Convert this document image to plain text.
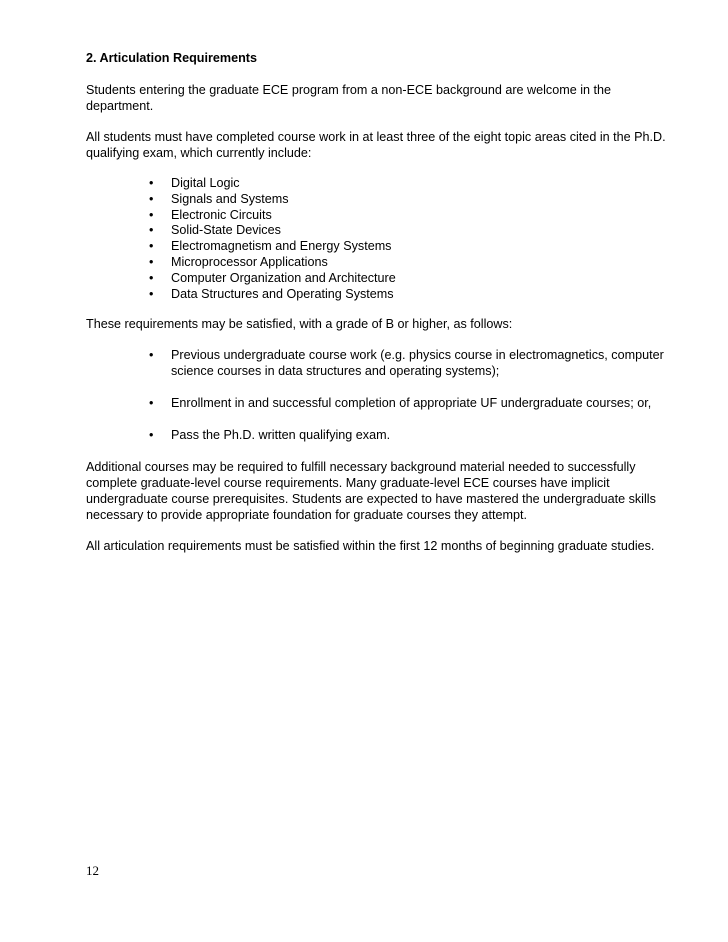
2. Articulation Requirements

Students entering the graduate ECE program from a non-ECE background are welcome in the department.

All students must have completed course work in at least three of the eight topic areas cited in the Ph.D. qualifying exam, which currently include:

• Digital Logic
• Signals and Systems
• Electronic Circuits
• Solid-State Devices
• Electromagnetism and Energy Systems
• Microprocessor Applications
• Computer Organization and Architecture
• Data Structures and Operating Systems

These requirements may be satisfied, with a grade of B or higher, as follows:

• Previous undergraduate course work (e.g. physics course in electromagnetics, computer science courses in data structures and operating systems);
• Enrollment in and successful completion of appropriate UF undergraduate courses; or,
• Pass the Ph.D. written qualifying exam.

Additional courses may be required to fulfill necessary background material needed to successfully complete graduate-level course requirements. Many graduate-level ECE courses have implicit undergraduate course prerequisites. Students are expected to have mastered the undergraduate skills necessary to provide appropriate foundation for graduate courses they attempt.

All articulation requirements must be satisfied within the first 12 months of beginning graduate studies.

12
